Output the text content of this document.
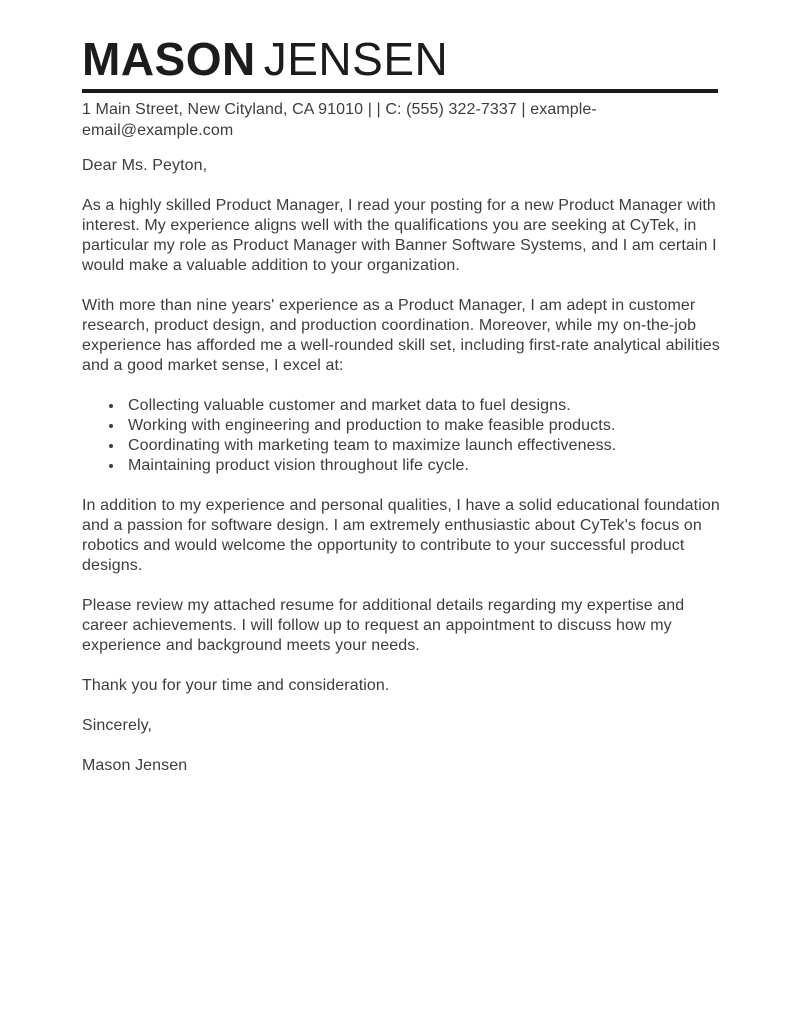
MASON JENSEN
1 Main Street, New Cityland, CA 91010 | | C: (555) 322-7337 | example-email@example.com

Dear Ms. Peyton,

As a highly skilled Product Manager, I read your posting for a new Product Manager with interest. My experience aligns well with the qualifications you are seeking at CyTek, in particular my role as Product Manager with Banner Software Systems, and I am certain I would make a valuable addition to your organization.

With more than nine years' experience as a Product Manager, I am adept in customer research, product design, and production coordination. Moreover, while my on-the-job experience has afforded me a well-rounded skill set, including first-rate analytical abilities and a good market sense, I excel at:

• Collecting valuable customer and market data to fuel designs.
• Working with engineering and production to make feasible products.
• Coordinating with marketing team to maximize launch effectiveness.
• Maintaining product vision throughout life cycle.

In addition to my experience and personal qualities, I have a solid educational foundation and a passion for software design. I am extremely enthusiastic about CyTek's focus on robotics and would welcome the opportunity to contribute to your successful product designs.

Please review my attached resume for additional details regarding my expertise and career achievements. I will follow up to request an appointment to discuss how my experience and background meets your needs.

Thank you for your time and consideration.

Sincerely,

Mason Jensen
